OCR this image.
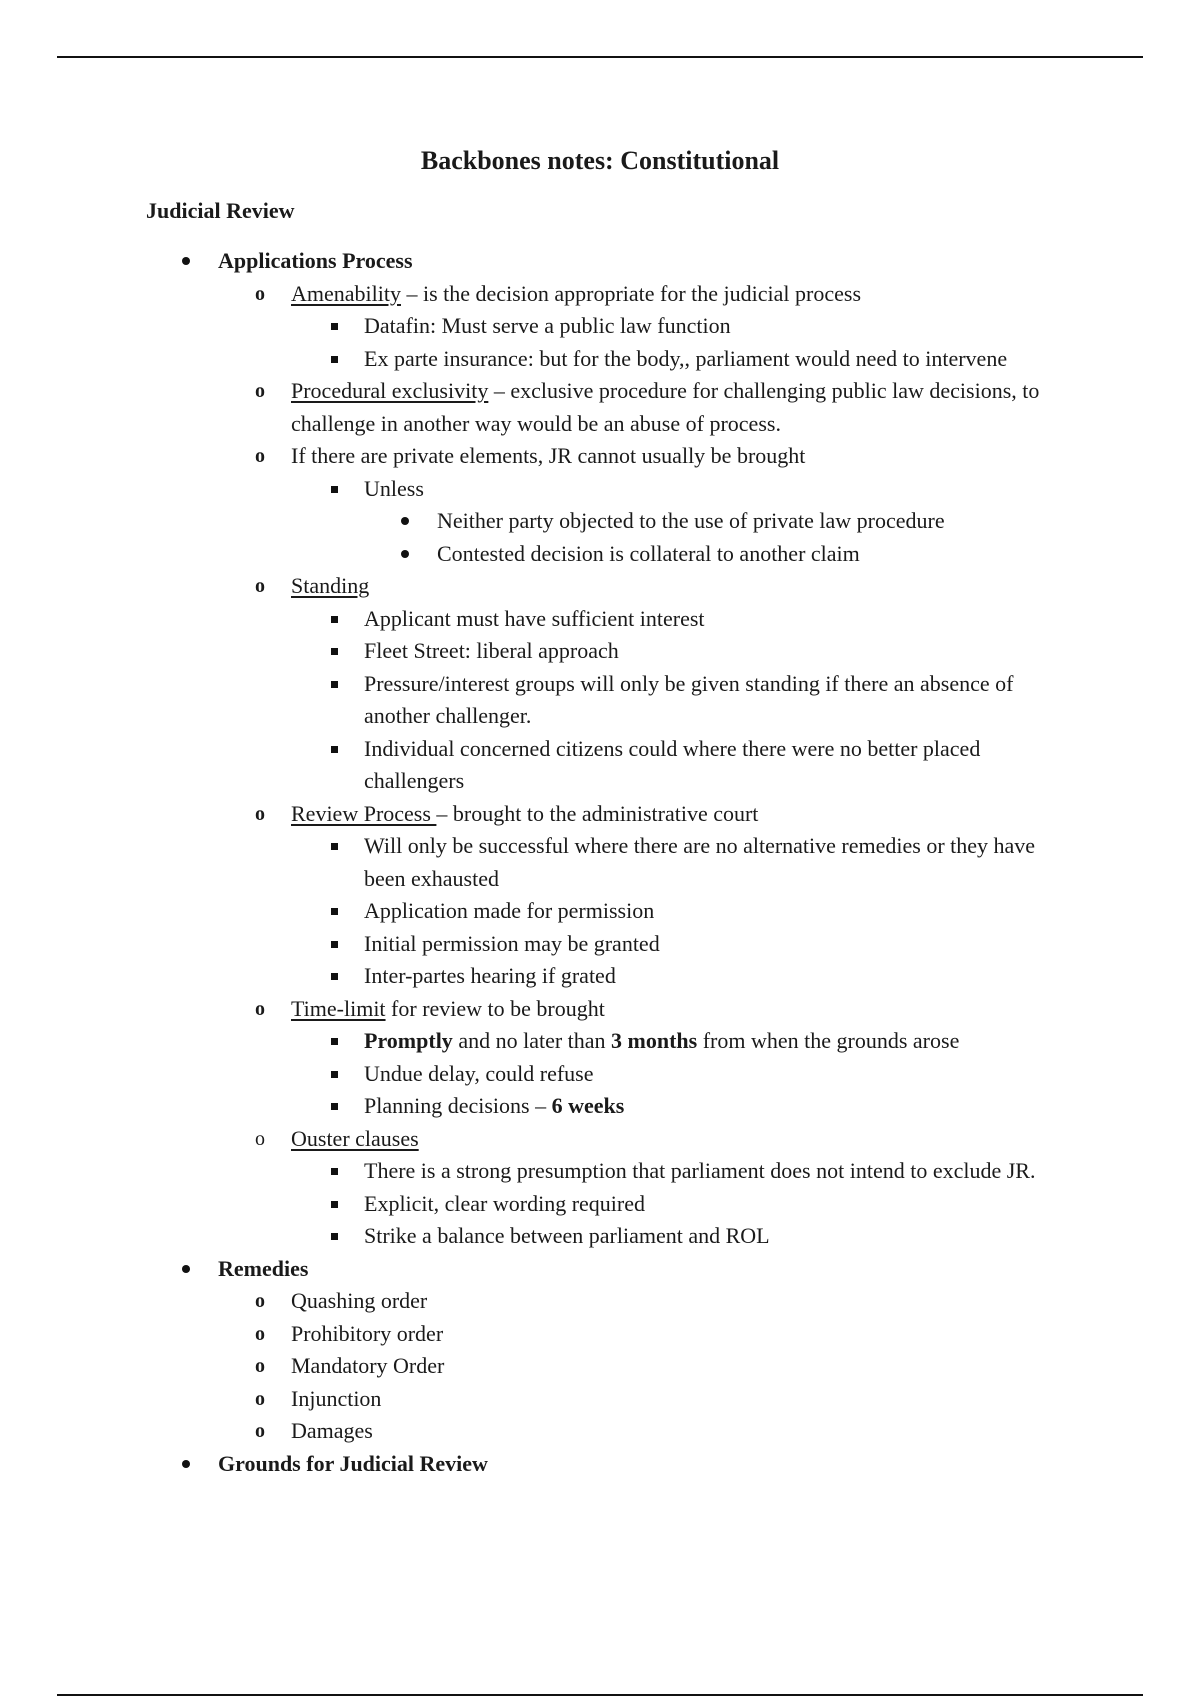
Backbones notes: Constitutional
Judicial Review
Applications Process
o Amenability – is the decision appropriate for the judicial process
Datafin: Must serve a public law function
Ex parte insurance: but for the body,, parliament would need to intervene
o Procedural exclusivity – exclusive procedure for challenging public law decisions, to challenge in another way would be an abuse of process.
o If there are private elements, JR cannot usually be brought
Unless
Neither party objected to the use of private law procedure
Contested decision is collateral to another claim
o Standing
Applicant must have sufficient interest
Fleet Street: liberal approach
Pressure/interest groups will only be given standing if there an absence of another challenger.
Individual concerned citizens could where there were no better placed challengers
o Review Process – brought to the administrative court
Will only be successful where there are no alternative remedies or they have been exhausted
Application made for permission
Initial permission may be granted
Inter-partes hearing if grated
o Time-limit for review to be brought
Promptly and no later than 3 months from when the grounds arose
Undue delay, could refuse
Planning decisions – 6 weeks
o Ouster clauses
There is a strong presumption that parliament does not intend to exclude JR.
Explicit, clear wording required
Strike a balance between parliament and ROL
Remedies
o Quashing order
o Prohibitory order
o Mandatory Order
o Injunction
o Damages
Grounds for Judicial Review
